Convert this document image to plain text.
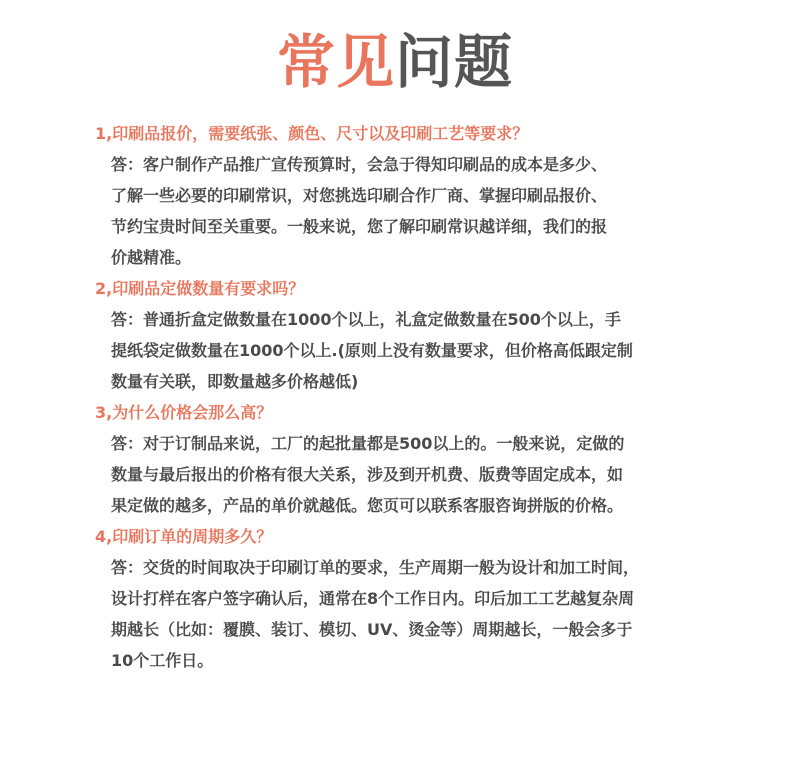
常见问题
1,印刷品报价，需要纸张、颜色、尺寸以及印刷工艺等要求？
答：客户制作产品推广宣传预算时，会急于得知印刷品的成本是多少、
了解一些必要的印刷常识，对您挑选印刷合作厂商、掌握印刷品报价、
节约宝贵时间至关重要。一般来说，您了解印刷常识越详细，我们的报
价越精准。
2,印刷品定做数量有要求吗？
答：普通折盒定做数量在1000个以上，礼盒定做数量在500个以上，手
提纸袋定做数量在1000个以上.(原则上没有数量要求，但价格高低跟定制
数量有关联，即数量越多价格越低)
3,为什么价格会那么高？
答：对于订制品来说，工厂的起批量都是500以上的。一般来说，定做的
数量与最后报出的价格有很大关系，涉及到开机费、版费等固定成本，如
果定做的越多，产品的单价就越低。您页可以联系客服咨询拼版的价格。
4,印刷订单的周期多久？
答：交货的时间取决于印刷订单的要求，生产周期一般为设计和加工时间，
设计打样在客户签字确认后，通常在8个工作日内。印后加工工艺越复杂周
期越长（比如：覆膜、装订、模切、UV、烫金等）周期越长，一般会多于
10个工作日。
